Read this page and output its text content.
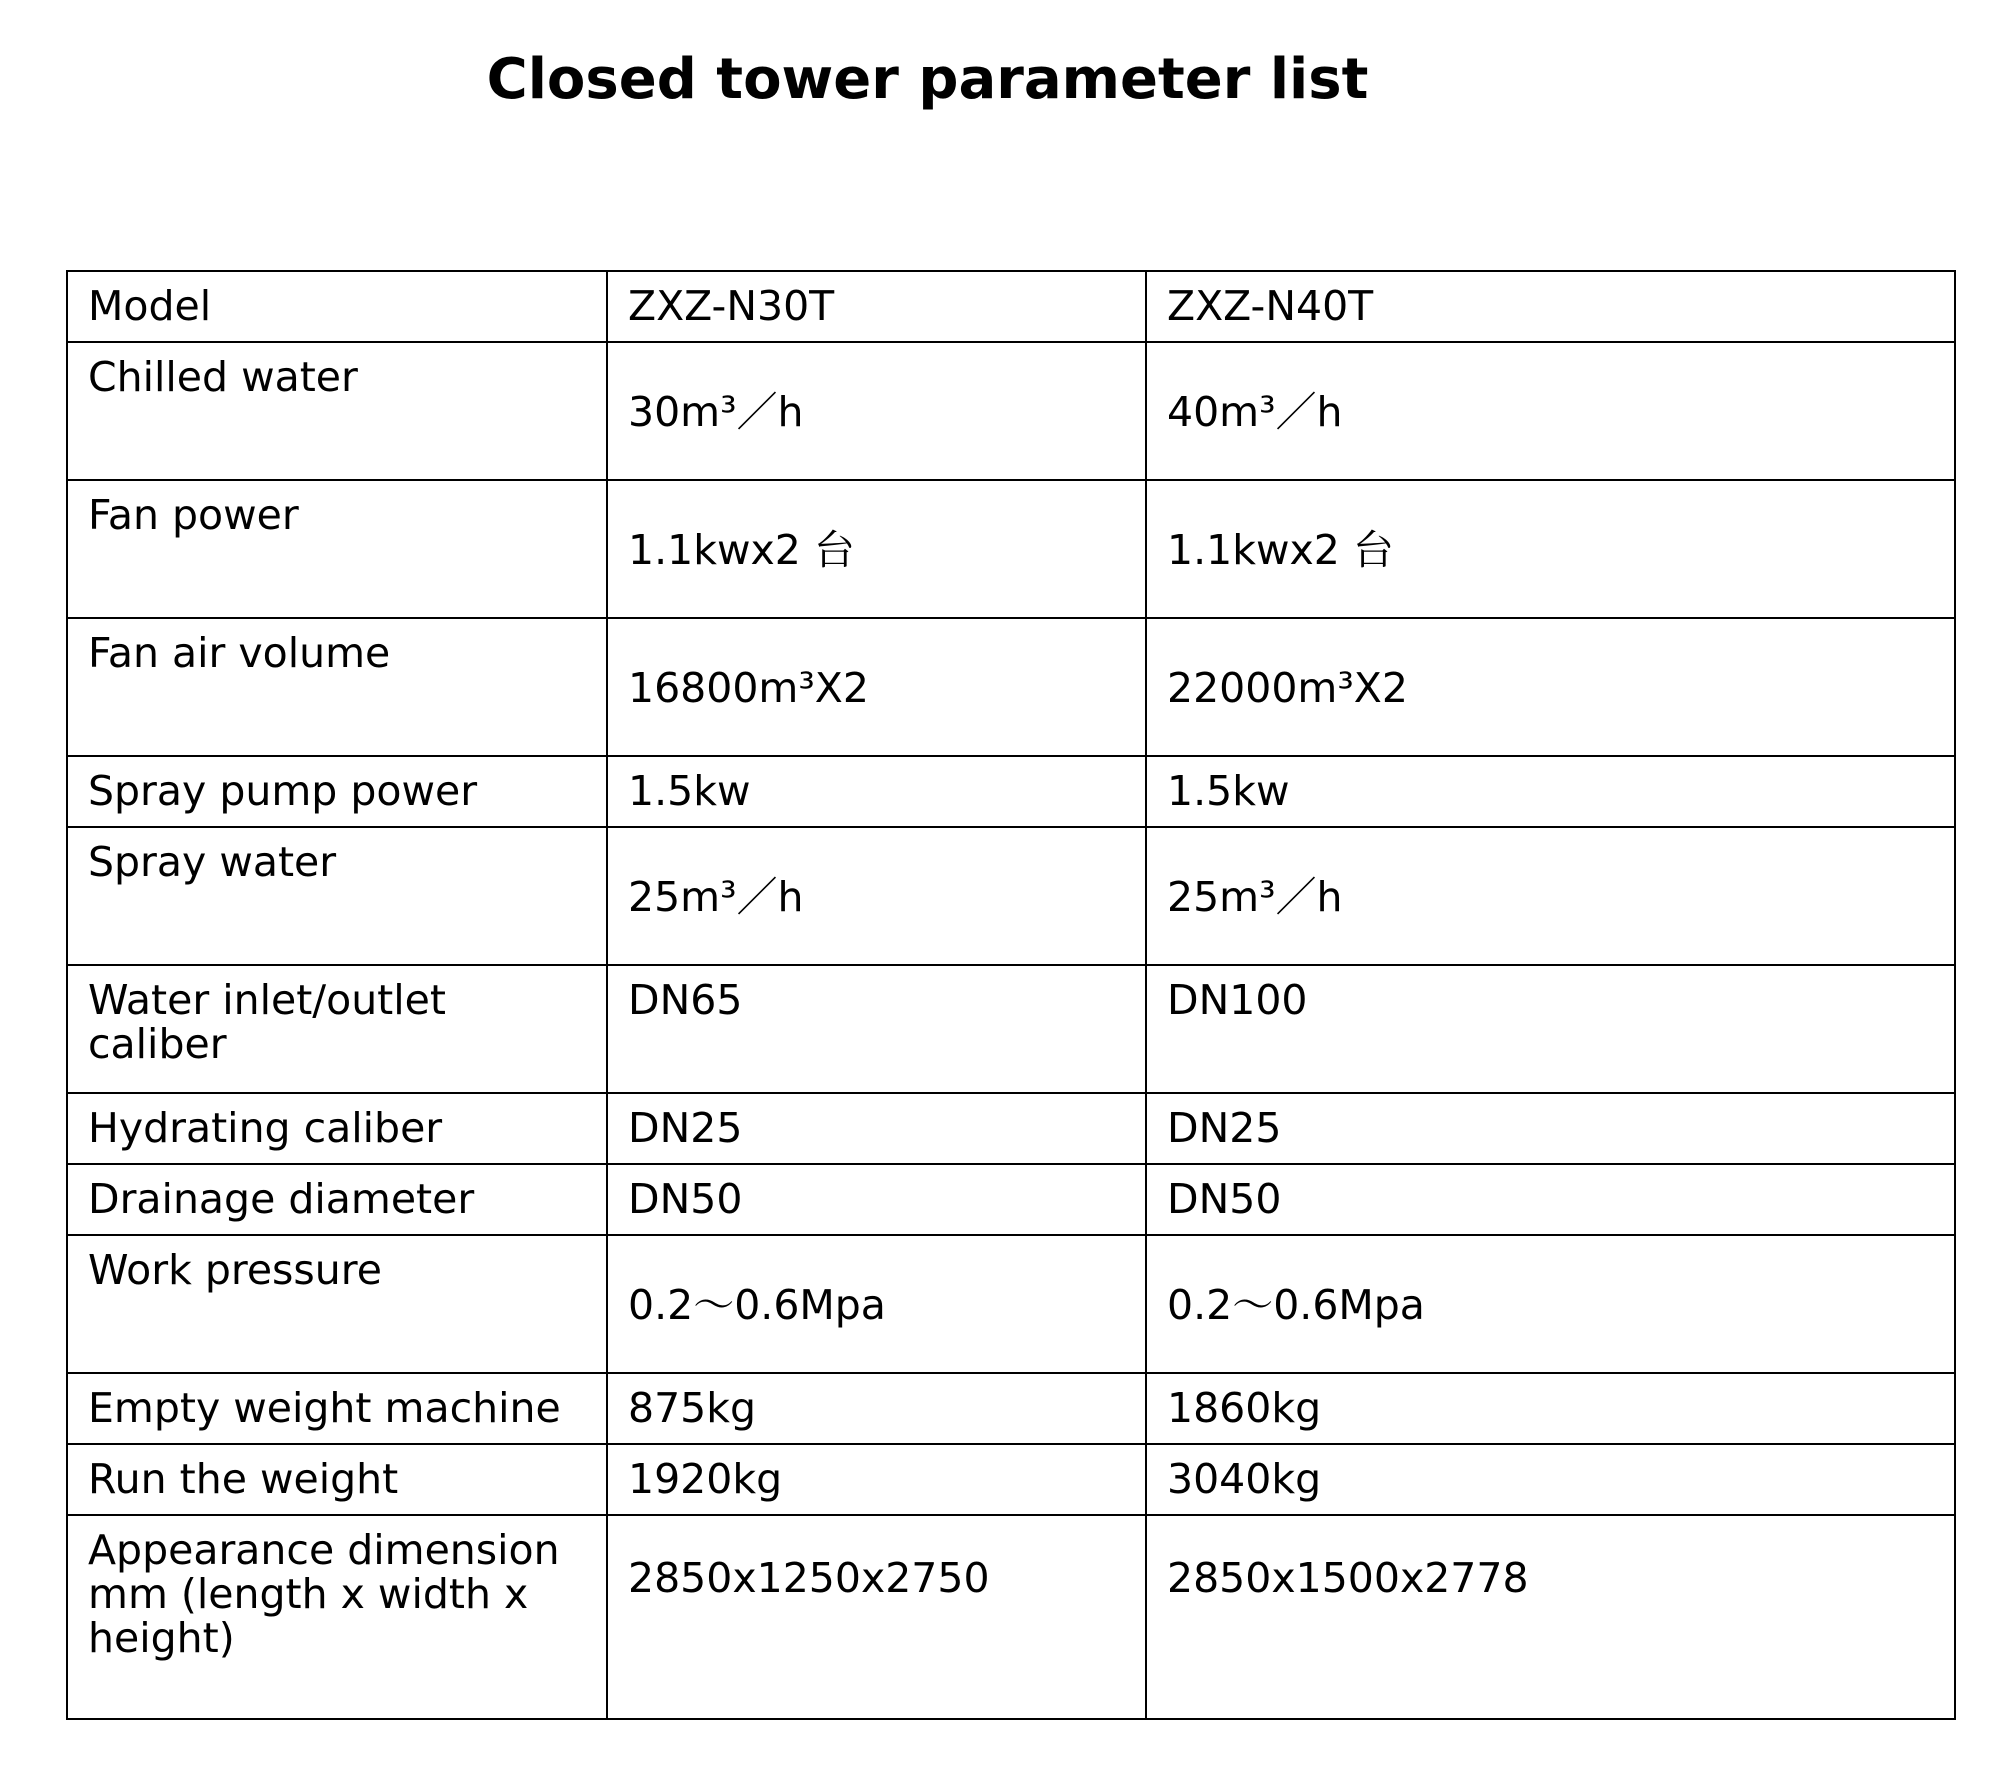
Closed tower parameter list
Model	ZXZ-N30T	ZXZ-N40T
Chilled water	30m³／h	40m³／h
Fan power	1.1kwx2 台	1.1kwx2 台
Fan air volume	16800m³X2	22000m³X2
Spray pump power	1.5kw	1.5kw
Spray water	25m³／h	25m³／h
Water inlet/outlet caliber	DN65	DN100
Hydrating caliber	DN25	DN25
Drainage diameter	DN50	DN50
Work pressure	0.2～0.6Mpa	0.2～0.6Mpa
Empty weight machine	875kg	1860kg
Run the weight	1920kg	3040kg
Appearance dimension mm (length x width x height)	2850x1250x2750	2850x1500x2778
